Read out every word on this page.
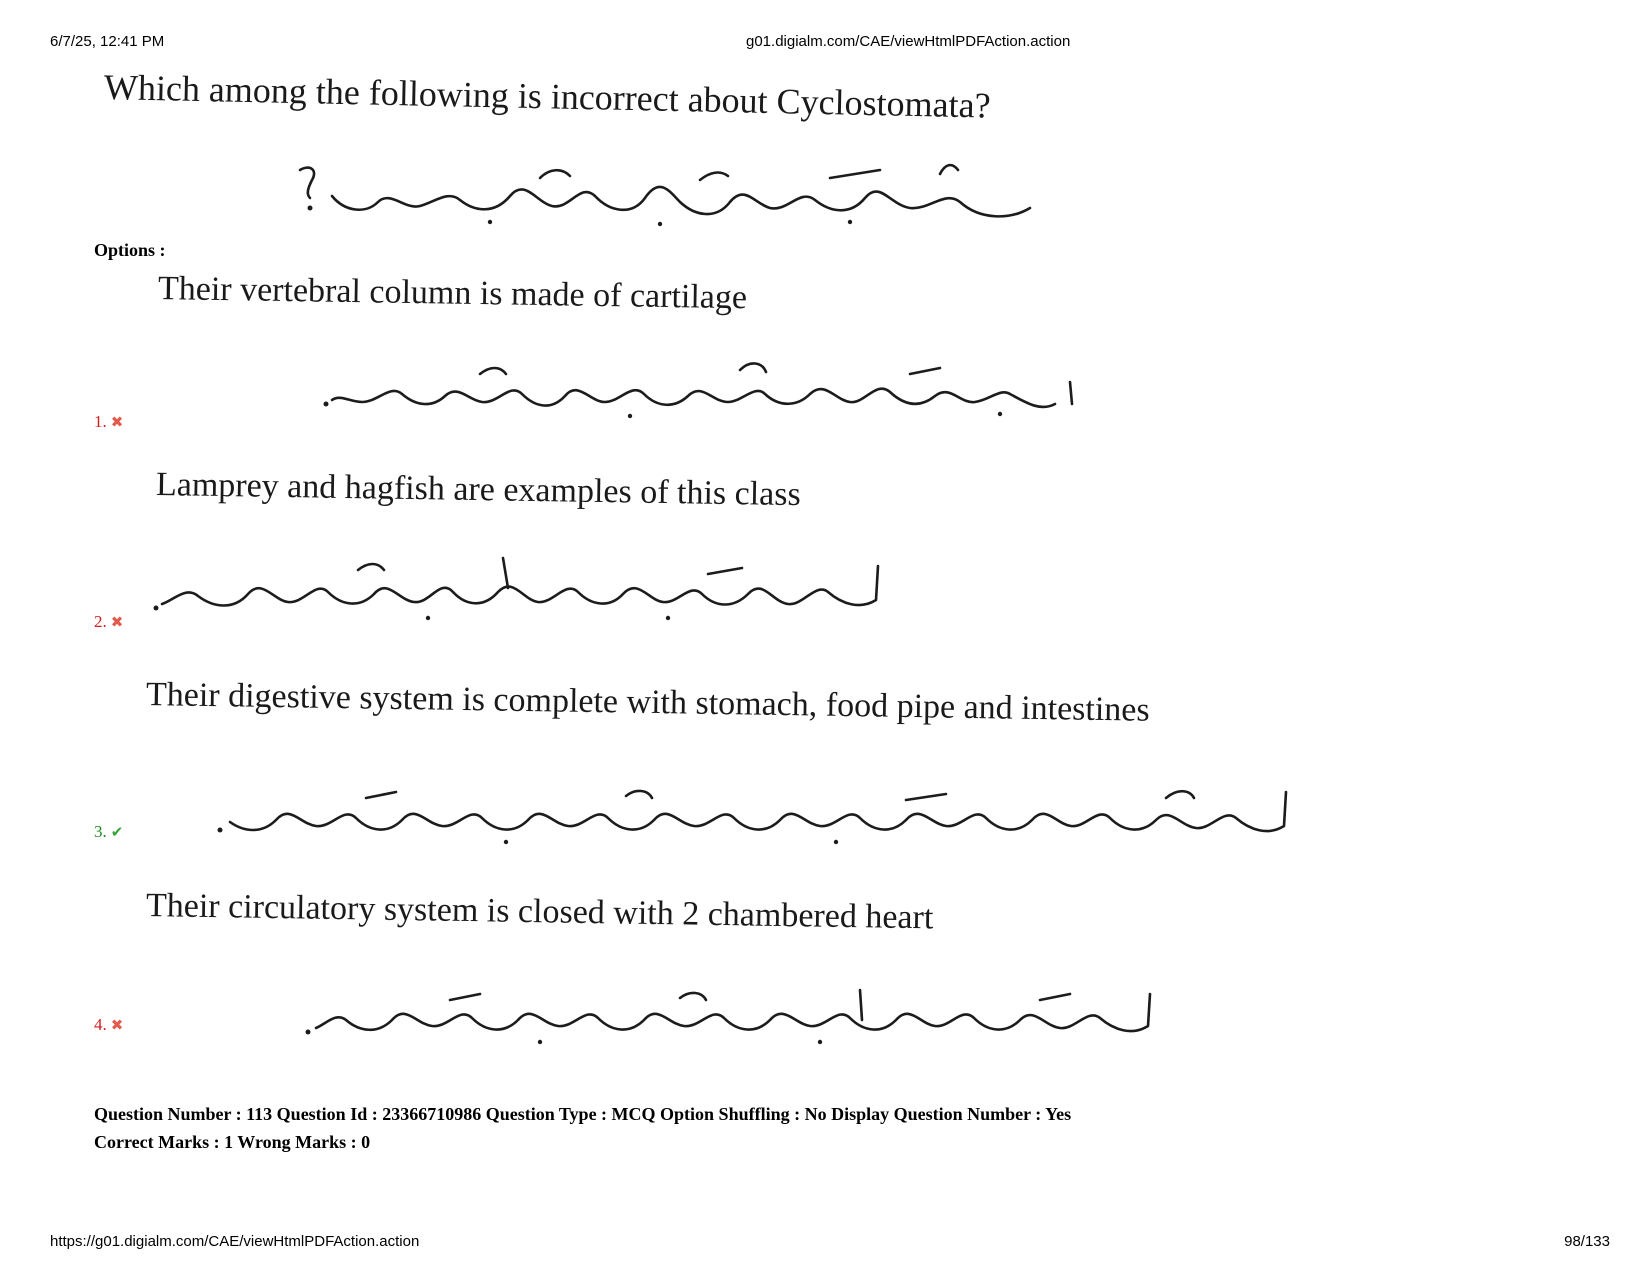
6/7/25, 12:41 PM	g01.digialm.com/CAE/viewHtmlPDFAction.action
Which among the following is incorrect about Cyclostomata?
Options :
Their vertebral column is made of cartilage
1. ✖
Lamprey and hagfish are examples of this class
2. ✖
Their digestive system is complete with stomach, food pipe and intestines
3. ✔
Their circulatory system is closed with 2 chambered heart
4. ✖
Question Number : 113 Question Id : 23366710986 Question Type : MCQ Option Shuffling : No Display Question Number : Yes
Correct Marks : 1 Wrong Marks : 0
https://g01.digialm.com/CAE/viewHtmlPDFAction.action	98/133
